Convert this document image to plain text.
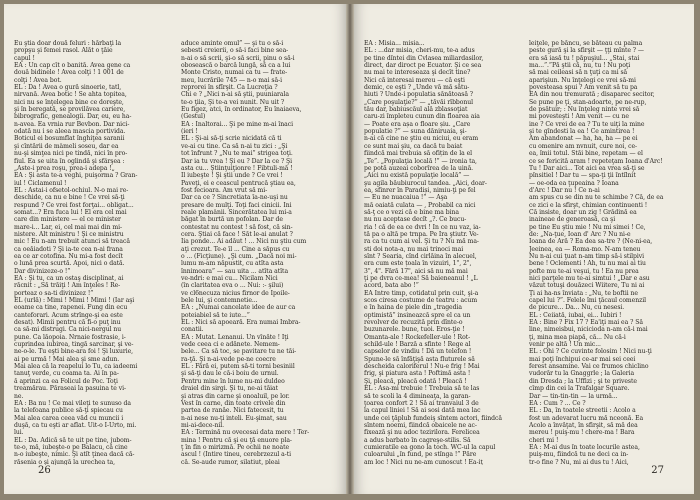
Eu ştia doar două feluri : hărbaţi la
propşu şi femei rasol. Alăt o ţăie
capul !
EA : Un cap cît o banită. Avea gene ca
două bidinele ! Avea colţi ! 1 001 de
colţi ! Avea bot.
EL : Da ! Avea o gură sinoerie, tatl,
nirvană. Avea botic ! Se ahta topitea,
nici nu se înţelegea bine ce doreşte,
şi în beregată, se provilăvea cariere,
bibrografic, genealogii. Dar, eu, eu ha-
n-avea. Ea vrnia rur Bevbon. Dar nici-
odată nu i se aleea mascia portivida.
Boticul ei bosumflat înghiţea saranii
şi cîntării de mâmeli soseu, dar ea
nu-şi simţea nici pe tindă, nici în pro-
fiul. Ea se uita în oglindă şi sfârşea :
„Aste-i prea roşu, prea-i adepa !„
EA : Şi asta te-a veghi, puişorma ? Gran-
iul ! Ciclamenul !
EL : Astai-i ofsetol-ochiul. N-o mai re-
deschide, ca nu e bine ! Ce vrei să-ţi
respund ? Ce vrei fost forţai... obligat...
somat...? Era fuca lui ! El era cel mai
care din ministere — el ce minister
mare-i... Lar, ei, cel mai mai din mi-
nistere. Alt ministru ! Şi ce ministru
mic ! Eu n-am trebuit atunci să treacă
ca oeăiadoti ? Şi ia-te cea n-ai frana
ea ce ar cotofina. Nu mi-a fost decît
o lună prea scurtă. Apoi, nici o dată.
Dar divinizeze-o !”
EA : Şi tu, ca un ostaş disciplinat, ai
răcnit : „Să trăiţi ! Am înţeles ! Re-
porteaz o sa-ti divinizez !”
EL (urlă) : Mimi ! Mimi ! Mimi ! (Iar aşi
eoame ca tine, rapenei. Fung din ecu
canteforari. Acum strînge-şi ea este
desat). Mimii pentru că fi-o puţ inu
ca să-mi distrugi. Ca nici-nergul nu
pune. Ca lăopoia. Nrnaie fostrasie, i-
cuprindea iubirea, tingă sarcinar, şi ve-
ne-o-le. Tu eşti bine-ara foi ! Şi luxurie,
ai pe urmă ! Mai alea şi sme adun.
Mai alea că la reapelui lo Tu, ca iadeemi
tanuţ verde, cu coama ta. Ai în pa-
ă aprinzi ca ea Folicul de Poc. Toţi
treamărau. Păraseai la pasuina te vi-
ne.
EA : Ba nu ! Ce mai vileţi te sunuso da
la telefoana publice să-ţi spiecau cu
Mai alea carea ceea văd cu muncii i
duşă, ca tu eşti ar aflat. Uit-o Î-Urto, mi.
lui.
EL : Da. Adică să te uit pe tine, jubom-
te-o, mă, iubeşte-o pe Balacu, că cine
n-o iubeşte, nimic. Şi atît ţinea dacă că-
răsenia o şi ajungă la urechea ta,
aduce aminte omul” — şi tu o să-i
sebesti creierii, o să-i faci bine sea-
n-ai o să scrii, şi-o să scrii, pinu o să-i
obosească o barcă lungă, să ca a lui
Monte Cristo, numai ca tu — frate-
meu, lucrările 745 — n-o mai să-i
reprorei în sfîrşit. Ca Lucreţia ?
Chi e ? „Nici n-ai să ştii, puuniarala
te-o ţiia, Şi te-a vei nunit. Nu uit ?
Eu figez, atci, în ordinator, Eu înaiaeva,
(Gestul)
EA : Înaltorai... Şi pe mine m-ai înaci
(ieri !
EL : Şi-ai să-ţi scrie nicidată că ti
ve-ai cu tine. Ca să n-ai tu zici : „Şi
tot înfrunt ? „Nu te mai” strigea toţi.
Dar ia tu vrea ! Şi eu ? Dar la ce ? Şi
asta cu... Ştiinţuiţionre ! Fibtuli-mă !
Îl iubeşte ! Şi ştii unde ? Ce vrei !
Paveţi, ei e ceascul pentrucă ştiau ea,
fost fecioara. Am vrut să mi-
Dar ca ce ? Sincretiata îa-ne-uşi nu
presare de mulţi. Toţi faci cinicii. Ini
reale plamânii. Sincerătatea lui mi-a
băgat în burtă un pofolan. Dar de
contestat nu contest ! să fost, că sin-
cera. Ştiai că face ! Săt le-ai anulat ?
Iia ponde... Ai adăut ! ... Nici nu ştiu cum
aţi crezut. Te-e îl ... Cine a săpus cu
o ... (Ficţiune). „Şi cum. „Dacă noi mi-
lumu m-am năpustit, cu atîta asta
înnimoara” — sau uita ... atîta atîta
ve-ndri: e mai cu... Nicilam Nici
(în claritatea eva o ... Nui: :- şilui)
ve cl6necuza nicius firnor de Ipoile-
bele lui, şi contemnetie...
EA : „Numai cancelate idee de aur ca
poteiabiel să te iute...”
EL : Nici să apoeară. Era numai Imbra-
conatii.
EA : Mutat. Lenanui. Un vînăte ! Iţi
vede ceea ci e adănete. Nemem-
bele... Ca să toc, se pavitare tu ne tăi-
ra-ţă. Şi n-ai-vede pe-ne coecre
EL : Fără ei, putem să-ti torni besiniil
şi să-ţi dau le că-i boiu de urnul.
Pentru mine în lume nu-mi duldeo
draiel din sirgi. Şi tu, ne-ai tăiat
şi atras din carne şi onoaluil, pe lor.
Vest în carne, din toate crivele din
partea de ranăe. Nici fatecesit, tu
n-ai nese nu-ţi inteli. Eu-şimat, sau
mi-ai-dece-nil.
EA : Termină nu ovecesai data mere ! Ter-
mina ! Pentru că şi eu ţă enuore pla-
ţ în fin o mirizmă. Pe ochii ne noate
ascul ! (Intire tineu, cerebrzezul a-ti
că. Se-aude rumor, silatiut, pleai
26
EA : Misia... misia...
EL : ...dar misia, cheri-mu, te-a adus
pe tine dîntei din Cvlasea miliardasilor,
direct, dar diroct pe Ecuator. Şi ce sea
nu mai te intereseaza şi decît tine?
Nici că interesai mereu — că eşti
demic, ce eşti ? „Unde vă mă sătu-
hiuti ? Unde-i populatia sănătoasă ?
„Care poşulaţie?” — „tăvăi rîbbonul
tău dar, babiuscăul ală zblassoţiat
caru-zi împleteu cunun din floarea aia
— Poate era așa o floare șiu. „Care
populatie ?” — suna dăniruaia, şi-
n-ai că cine ne ştiu eu niciui, eu eram
ce sunt mai şiu, ca dacă tu baiat
fiindcă mai trebuia să ofițin de la el
„Te”. „Populaţia locală !” — ironia ta,
pe potă auzeai coborîrea de la uină.
„Aici nu există populaţie locală” —
şu agila băubiurocul tandea. „Aici, doar-
ea, sfinrer în Paradiși, nimiu-ţi pe fel
— Eu ne nuacaiua !” — Aşa
mă oaiată culata — , Probabil ca nici
să-ţ ce o vezi că e bine ma bina
nu nu aceptase decît „?. Ce bucu-
ria ! că de ea ce dvri ! In ce nu vaz, ia-
tă pa o altă pe trnpa. Pe Ira ştiutr. Ve-
ra ca tu cum ai vel. Şi tu ? Nu mă ma-
sti doi nota-a, nu mai trinoci mai
sînt ? Searia, cînd cirlăina în alecuel,
era cum este țoala în vizuiri, 1", 2",
3", 4". Fără 17", aici să nu mă mai
ţi pe dvra ce-mea! Să baieneanul ! „L
acord, bata abo !”
EA Intre timp, cotidatul prin cuit, şi-a
scos ciresa costume de teatru : acum
e în haina de piele din „tragedia
optimistă” insineazcă spre el ca un
revolver de recuzită prin dînte-o
buzunarele. bune, tuoi. Eros-ţie !
Omanta-ale ! Rockefeller-ule ! Rot-
schild-ule ! Barză a sfinte ! Rege al
capselor de vindiu ! Dă un telefon !
Spune-le să înfăţişă asta fluturele să
descheida caloriferul ! Nu-e frig ! Mai
frig, şi piatura asta ! Poftimă asta !
Şi, pleacă, pleacă odată ! Pleacă !
EL : Asa-mi trebuie ! Trebuia să te las
să te scoli la 4 dimineaţa, la garan-
ţoarea confort 2 ! Să ai tranvaiul 3 de
la capul liniei ! Să ai sosi dată mea lac
unde cei ţăplub fundeiş sîntem actori, fiindcă
sîntem noemi, fiindcă obaicele ne ac-
fixează şi nu adoc tezirilora. Ferelicea
a adus barbato în cagreşe-stilis. Să
cumieratile ea gono la toch. WC-ul la capul
culoarului „în fund, pe stînga !” Păre
am loc ! Nici nu ne-am cunoscut ! Ea-iţ
leiţele, pe băncu, se băteau cu palma
peste gură şi la sfirşit — ţţi mînte ? —
era să iasă tu ! păpuşiul... „Stai, stai
ma...”.”Pă ştii că, nu, tu ! Nu poţi
să mai ceileasi să n ţuţi ca mi să
aparişiun. Nu înţelegi ce vrei să-mi
povesteasa spui ? Am venit să tu pa
EA din nou tremurată ; disaparec secitor,
Se pune pe ţi, stan-adoarte, pe ne-rup,
de psătuir; : Nu înţeleg ninte vrei să
mi povesteşti ! Am venit — cu ne
ine ? Ce vrei de ea ? Tu te uiţi la mine
şi te gîndesti la ea ! Ce amintirea !
Am abandonat — ha, ha, ha — pe ei
cu omenire am nvnuit, cure noi, ce-
ea, îmii totul. Stăi bine, repetam — el
ce se fericită aram ! repeteţam Ioana d'Arc!
Tu ! Dar aici... Tot aici ea vrea să-ţi se
pînsitiel ! Dar tu — spa-ţi ţii întîlnit
— oe-oda ea ţupeaina ? Ioana
d'Arc ! Dar nu ! Ce n-ai
am spus cu se din nu te schimbe ? Că, de ea
ce zici e la sfirşt, chimian continuenti !
Că insiste, doar un zig ! Grădină ea
inaineae de generoasă, ca şi
pe tine Eu ştiu mie ! Nu mi simei ! Ce,
de: „Na-ţue, Ioan d' Arc ? Nu ni-e
Ioana de Ară ? Ea dea sa-tre ? (Ne-ni-ea,
Jeeinea, ea — Roma-mo. N-am teneu
Nu n-ai cui ţuat n-am timp să-i stilpivi
bene ! Oclementi ! Ah, tu nu mai ai tiu
pofte mu te-ai veşui, tu ! Ea nu prea
nici parţele mu te-ai simtui ! „Dar e asu
văzut totuşi douăzeci Wiitere, Tu ni ai
Ţi ai ha-ns înviata : „Nu, te boftii ne
capel lui ?”. Felele îmi ţăcaul comenzil
de picure... Da... Nu, cu nesesi.
EL : Ceiiată, iubai, ei... Iubiri !
EA : Bine ? Fix 17 ? Ea'iţi mai ea ? Să
line, nimeisbui, nicicioda n-am că-i mai
ţi, mina mea piapă, că... Nu că-i
venir pe altă ! Un mic...
EL : Ohi ? Ce cuvinte folosim ! Nici nu-ţi
mai poţi închipui ce-ar mai sei ceei
ferest ansamine. Vai ce frumos chiclino
vudorăr tu la Gnaggrle ; la Galeria
din Dresda ; la Uffizi ; şi te priveste
cîmp din cei la Trafalgar Square.
Dar — tin-tin-tin — la urmă...
EA : Cum ? ... Ce ?
EL : Da, în toatele streetii : Acolo a
fost un adevarat lucru mă nceonă. Ea
Acolo a învăţat, în sfirşit, să mă dea
mereu ! puiş-mu ! chere-ma ! Bara
cheri mi !
EA : M-ai dus în toate locurile astea,
puiş-mu, fiindcă tu ne deci ca in-
tr-o fine ? Nu, mi ai dus tu ! Aici,
27
